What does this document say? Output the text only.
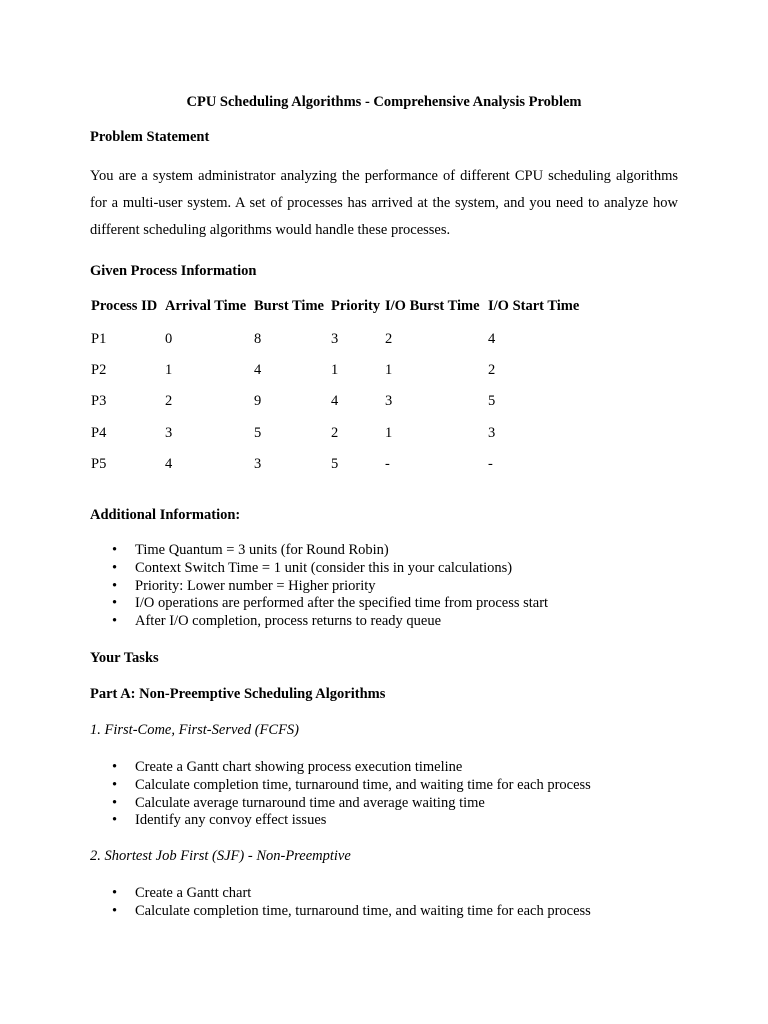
CPU Scheduling Algorithms - Comprehensive Analysis Problem
Problem Statement
You are a system administrator analyzing the performance of different CPU scheduling algorithms for a multi-user system. A set of processes has arrived at the system, and you need to analyze how different scheduling algorithms would handle these processes.
Given Process Information
Process ID	Arrival Time	Burst Time	Priority	I/O Burst Time	I/O Start Time
P1	0	8	3	2	4
P2	1	4	1	1	2
P3	2	9	4	3	5
P4	3	5	2	1	3
P5	4	3	5	-	-
Additional Information:
• Time Quantum = 3 units (for Round Robin)
• Context Switch Time = 1 unit (consider this in your calculations)
• Priority: Lower number = Higher priority
• I/O operations are performed after the specified time from process start
• After I/O completion, process returns to ready queue
Your Tasks
Part A: Non-Preemptive Scheduling Algorithms
1. First-Come, First-Served (FCFS)
• Create a Gantt chart showing process execution timeline
• Calculate completion time, turnaround time, and waiting time for each process
• Calculate average turnaround time and average waiting time
• Identify any convoy effect issues
2. Shortest Job First (SJF) - Non-Preemptive
• Create a Gantt chart
• Calculate completion time, turnaround time, and waiting time for each process
